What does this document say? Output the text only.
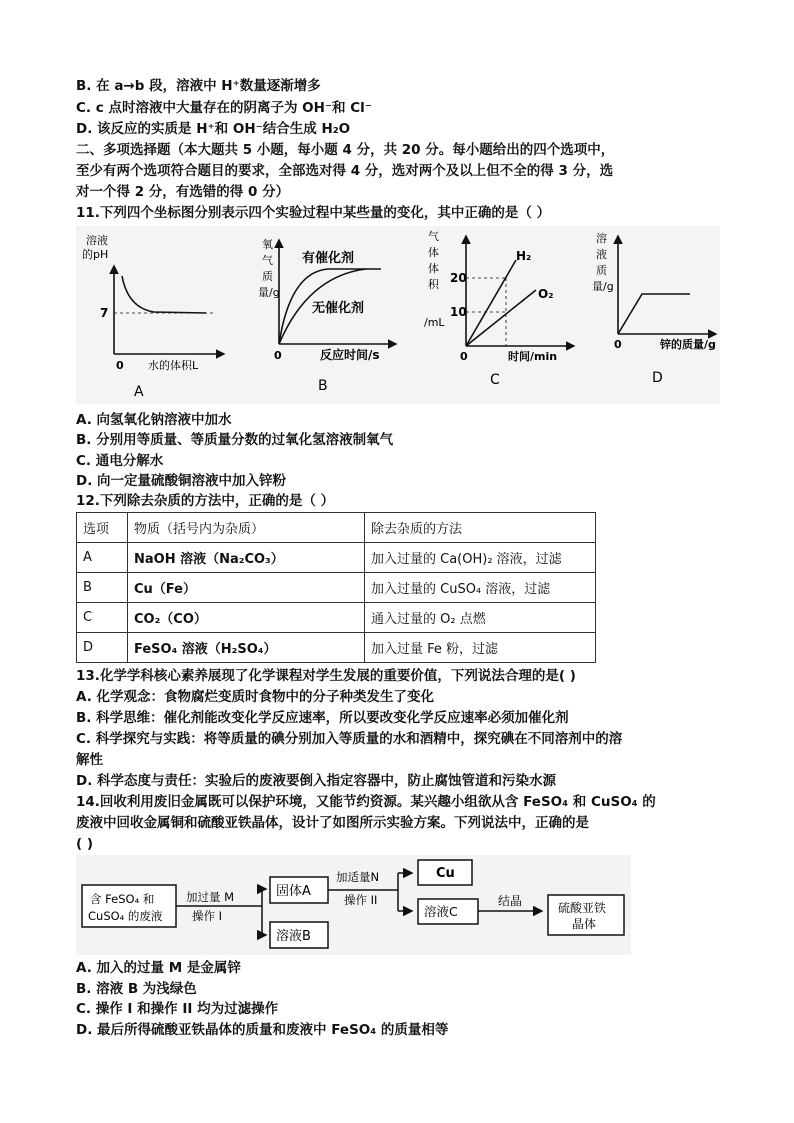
B. 在 a→b 段，溶液中 H⁺数量逐渐增多
C. c 点时溶液中大量存在的阴离子为 OH⁻和 Cl⁻
D. 该反应的实质是 H⁺和 OH⁻结合生成 H₂O
二、多项选择题（本大题共 5 小题，每小题 4 分，共 20 分。每小题给出的四个选项中，
至少有两个选项符合题目的要求，全部选对得 4 分，选对两个及以上但不全的得 3 分，选
对一个得 2 分，有选错的得 0 分）
11.下列四个坐标图分别表示四个实验过程中某些量的变化，其中正确的是（ ）
溶液
的pH
7
0 水的体积L
A
氧
气
质
量/g
有催化剂
无催化剂
0	反应时间/s
B
气
体
体
积
/mL
20
10
H₂
O₂
0	时间/min
C
溶
液
质
量/g
0	锌的质量/g
D
A. 向氢氧化钠溶液中加水
B. 分别用等质量、等质量分数的过氧化氢溶液制氧气
C. 通电分解水
D. 向一定量硫酸铜溶液中加入锌粉
12.下列除去杂质的方法中，正确的是（ ）
选项	物质（括号内为杂质）	除去杂质的方法
A	NaOH 溶液（Na₂CO₃）	加入过量的 Ca(OH)₂ 溶液，过滤
B	Cu（Fe）	加入过量的 CuSO₄ 溶液，过滤
C	CO₂（CO）	通入过量的 O₂ 点燃
D	FeSO₄ 溶液（H₂SO₄）	加入过量 Fe 粉，过滤
13.化学学科核心素养展现了化学课程对学生发展的重要价值，下列说法合理的是( )
A. 化学观念：食物腐烂变质时食物中的分子种类发生了变化
B. 科学思维：催化剂能改变化学反应速率，所以要改变化学反应速率必须加催化剂
C. 科学探究与实践：将等质量的碘分别加入等质量的水和酒精中，探究碘在不同溶剂中的溶
解性
D. 科学态度与责任：实验后的废液要倒入指定容器中，防止腐蚀管道和污染水源
14.回收利用废旧金属既可以保护环境，又能节约资源。某兴趣小组欲从含 FeSO₄ 和 CuSO₄ 的
废液中回收金属铜和硫酸亚铁晶体，设计了如图所示实验方案。下列说法中，正确的是
( )
含 FeSO₄ 和
CuSO₄ 的废液
加过量 M
操作 I
固体A
溶液B
加适量N
操作 II
Cu
溶液C
结晶	硫酸亚铁
晶体
A. 加入的过量 M 是金属锌
B. 溶液 B 为浅绿色
C. 操作 I 和操作 II 均为过滤操作
D. 最后所得硫酸亚铁晶体的质量和废液中 FeSO₄ 的质量相等
